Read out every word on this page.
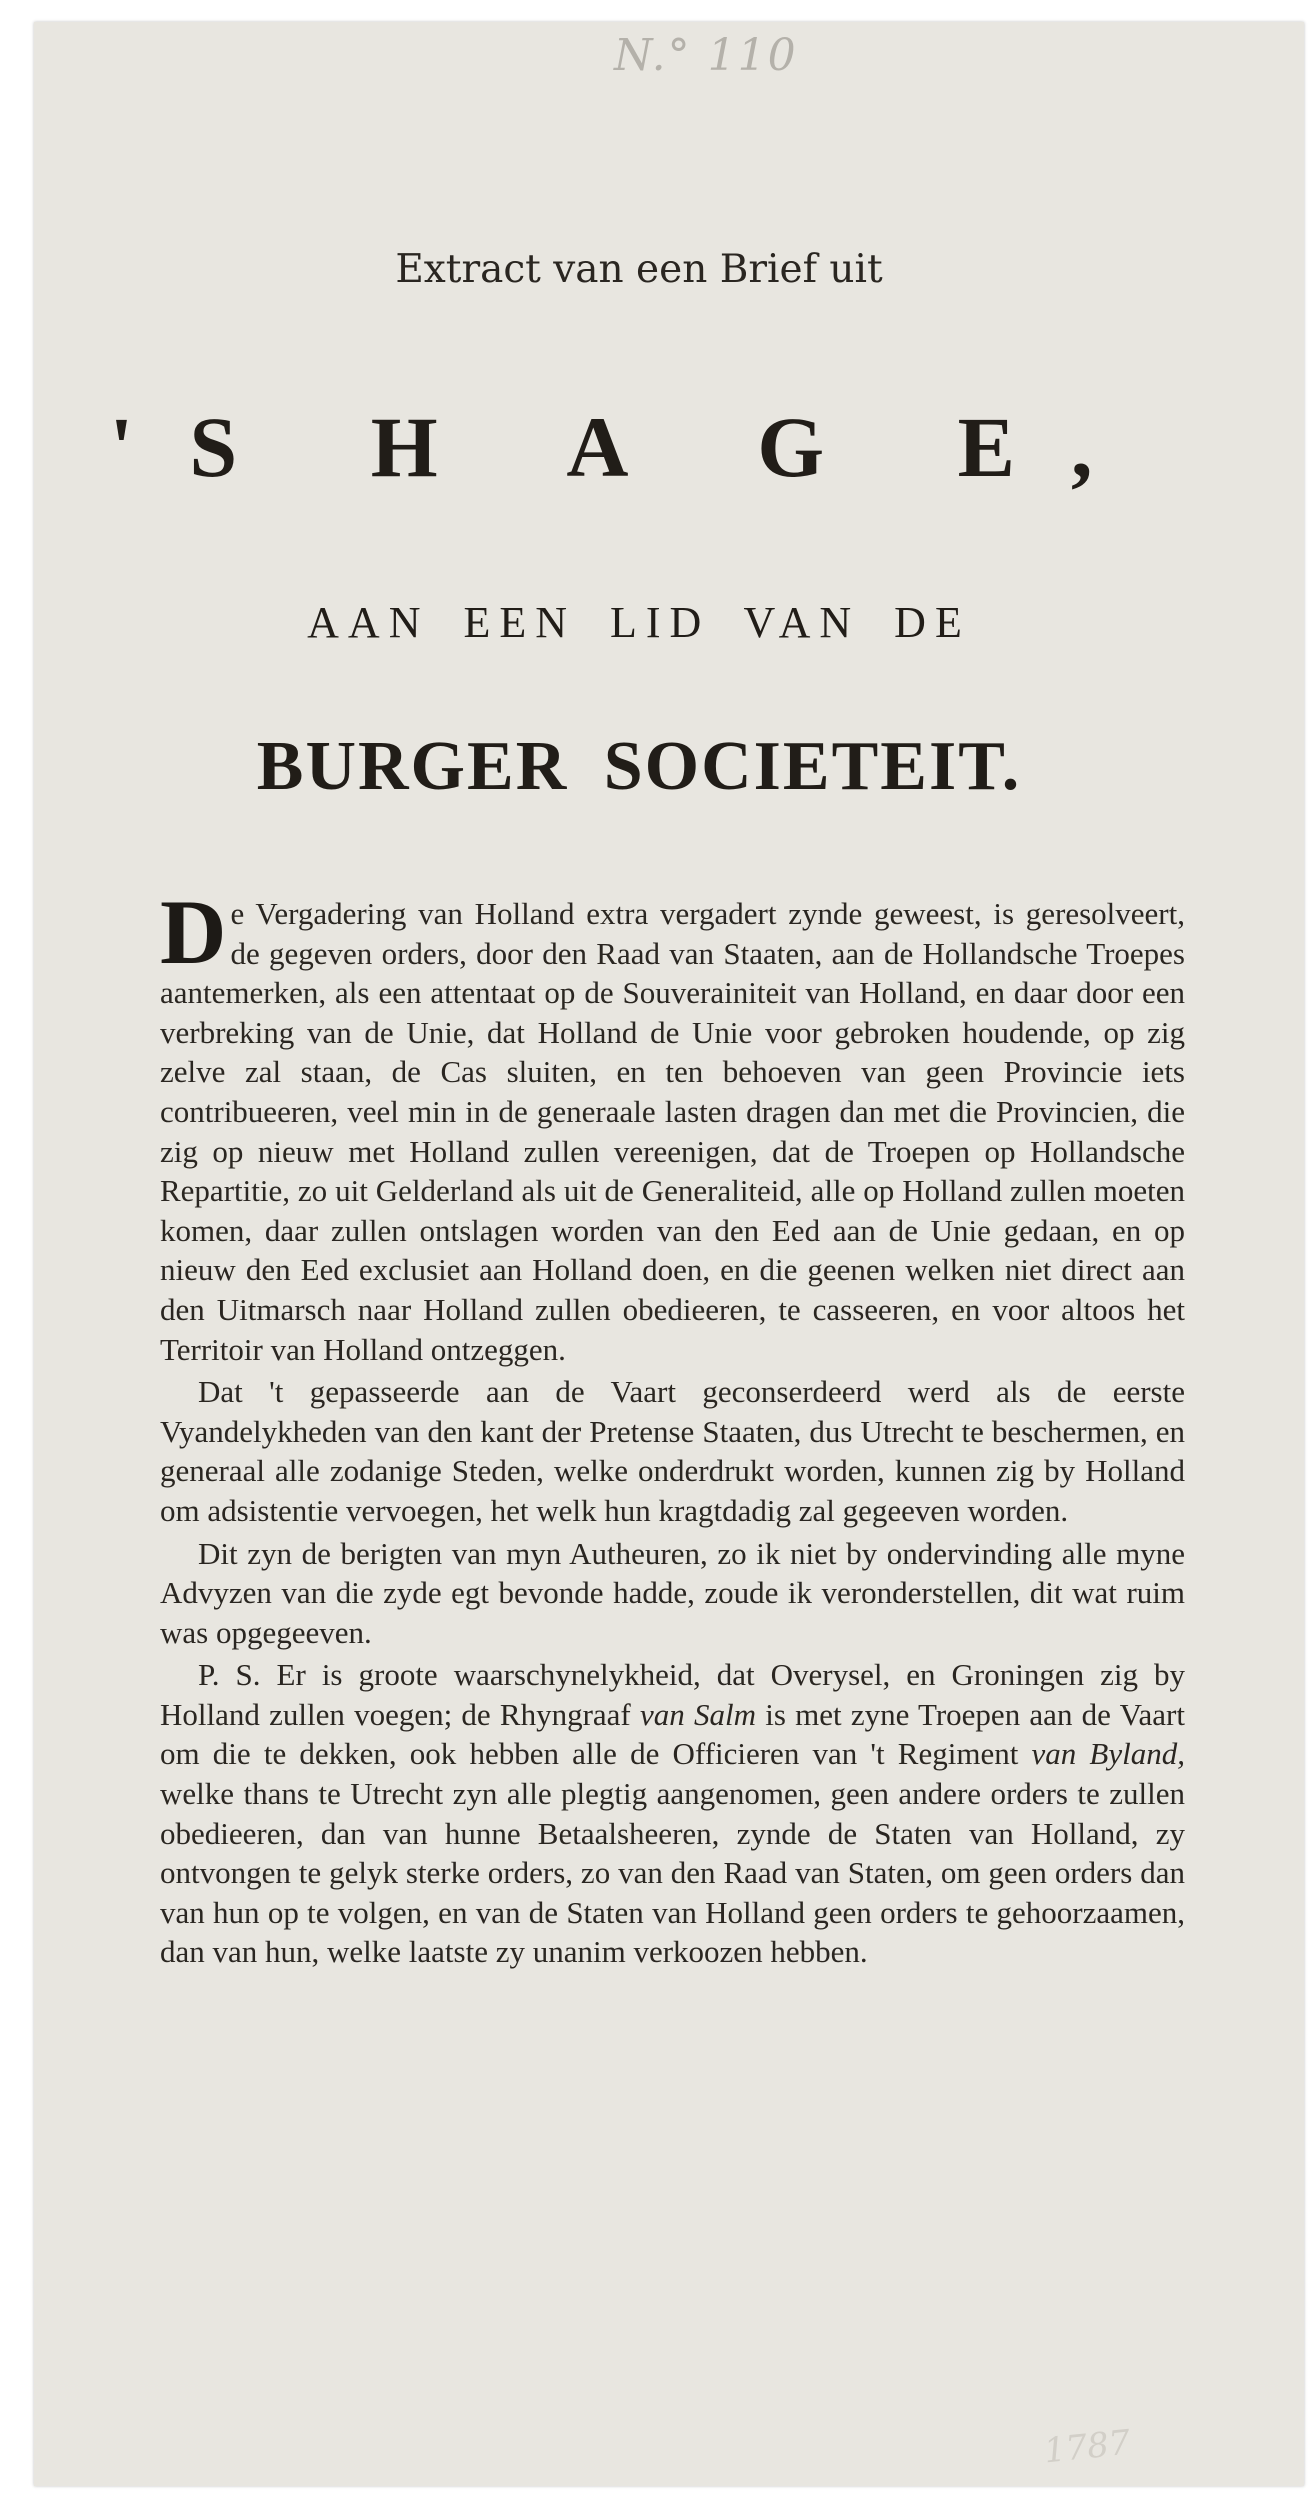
N.° 110
Extract van een Brief uit
'S H A G E,
AAN EEN LID VAN DE
BURGER SOCIETEIT.

De Vergadering van Holland extra vergadert zynde geweest, is geresolveert, de gegeven orders, door den Raad van Staaten, aan de Hollandsche Troepes aantemerken, als een attentaat op de Souverainiteit van Holland, en daar door een verbreking van de Unie, dat Holland de Unie voor gebroken houdende, op zig zelve zal staan, de Cas sluiten, en ten behoeven van geen Provincie iets contribueeren, veel min in de generaale lasten dragen dan met die Provincien, die zig op nieuw met Holland zullen vereenigen, dat de Troepen op Hollandsche Repartitie, zo uit Gelderland als uit de Generaliteid, alle op Holland zullen moeten komen, daar zullen ontslagen worden van den Eed aan de Unie gedaan, en op nieuw den Eed exclusiet aan Holland doen, en die geenen welken niet direct aan den Uitmarsch naar Holland zullen obedieeren, te casseeren, en voor altoos het Territoir van Holland ontzeggen.

Dat 't gepasseerde aan de Vaart geconserdeerd werd als de eerste Vyandelykheden van den kant der Pretense Staaten, dus Utrecht te beschermen, en generaal alle zodanige Steden, welke onderdrukt worden, kunnen zig by Holland om adsistentie vervoegen, het welk hun kragtdadig zal gegeeven worden.

Dit zyn de berigten van myn Autheuren, zo ik niet by ondervinding alle myne Advyzen van die zyde egt bevonde hadde, zoude ik veronderstellen, dit wat ruim was opgegeeven.

P. S. Er is groote waarschynelykheid, dat Overysel, en Groningen zig by Holland zullen voegen; de Rhyngraaf van Salm is met zyne Troepen aan de Vaart om die te dekken, ook hebben alle de Officieren van 't Regiment van Byland, welke thans te Utrecht zyn alle plegtig aangenomen, geen andere orders te zullen obedieeren, dan van hunne Betaalsheeren, zynde de Staten van Holland, zy ontvongen te gelyk sterke orders, zo van den Raad van Staten, om geen orders dan van hun op te volgen, en van de Staten van Holland geen orders te gehoorzaamen, dan van hun, welke laatste zy unanim verkoozen hebben.

1787
